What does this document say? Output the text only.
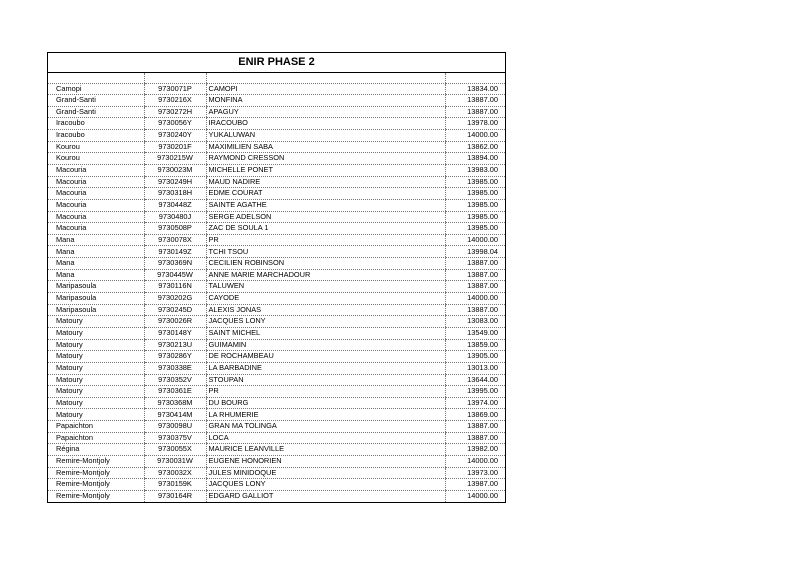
ENIR PHASE 2

Camopi	9730071P	CAMOPI	13834.00
Grand-Santi	9730216X	MONFINA	13887.00
Grand-Santi	9730272H	APAGUY	13887.00
Iracoubo	9730056Y	IRACOUBO	13978.00
Iracoubo	9730240Y	YUKALUWAN	14000.00
Kourou	9730201F	MAXIMILIEN SABA	13862.00
Kourou	9730215W	RAYMOND CRESSON	13894.00
Macouria	9730023M	MICHELLE PONET	13983.00
Macouria	9730249H	MAUD NADIRE	13985.00
Macouria	9730318H	EDME COURAT	13985.00
Macouria	9730448Z	SAINTE AGATHE	13985.00
Macouria	9730480J	SERGE ADELSON	13985.00
Macouria	9730508P	ZAC DE SOULA 1	13985.00
Mana	9730078X	PR	14000.00
Mana	9730149Z	TCHI TSOU	13998.04
Mana	9730369N	CECILIEN ROBINSON	13887.00
Mana	9730445W	ANNE MARIE MARCHADOUR	13887.00
Maripasoula	9730116N	TALUWEN	13887.00
Maripasoula	9730202G	CAYODE	14000.00
Maripasoula	9730245D	ALEXIS JONAS	13887.00
Matoury	9730026R	JACQUES LONY	13083.00
Matoury	9730148Y	SAINT MICHEL	13549.00
Matoury	9730213U	GUIMAMIN	13859.00
Matoury	9730286Y	DE ROCHAMBEAU	13905.00
Matoury	9730338E	LA BARBADINE	13013.00
Matoury	9730352V	STOUPAN	13644.00
Matoury	9730361E	PR	13995.00
Matoury	9730368M	DU BOURG	13974.00
Matoury	9730414M	LA RHUMERIE	13869.00
Papaichton	9730098U	GRAN MA TOLINGA	13887.00
Papaichton	9730375V	LOCA	13887.00
Régina	9730055X	MAURICE LEANVILLE	13982.00
Remire-Montjoly	9730031W	EUGENE HONORIEN	14000.00
Remire-Montjoly	9730032X	JULES MINIDOQUE	13973.00
Remire-Montjoly	9730159K	JACQUES LONY	13987.00
Remire-Montjoly	9730164R	EDGARD GALLIOT	14000.00
